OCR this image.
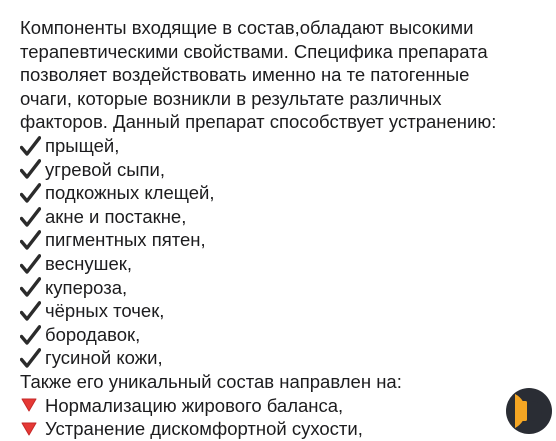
Компоненты входящие в состав,обладают высокими
терапевтическими свойствами. Специфика препарата
позволяет воздействовать именно на те патогенные
очаги, которые возникли в результате различных
факторов. Данный препарат способствует устранению:

прыщей,
угревой сыпи,
подкожных клещей,
акне и постакне,
пигментных пятен,
веснушек,
купероза,
чёрных точек,
бородавок,
гусиной кожи,

Также его уникальный состав направлен на:

Нормализацию жирового баланса,
Устранение дискомфортной сухости,
